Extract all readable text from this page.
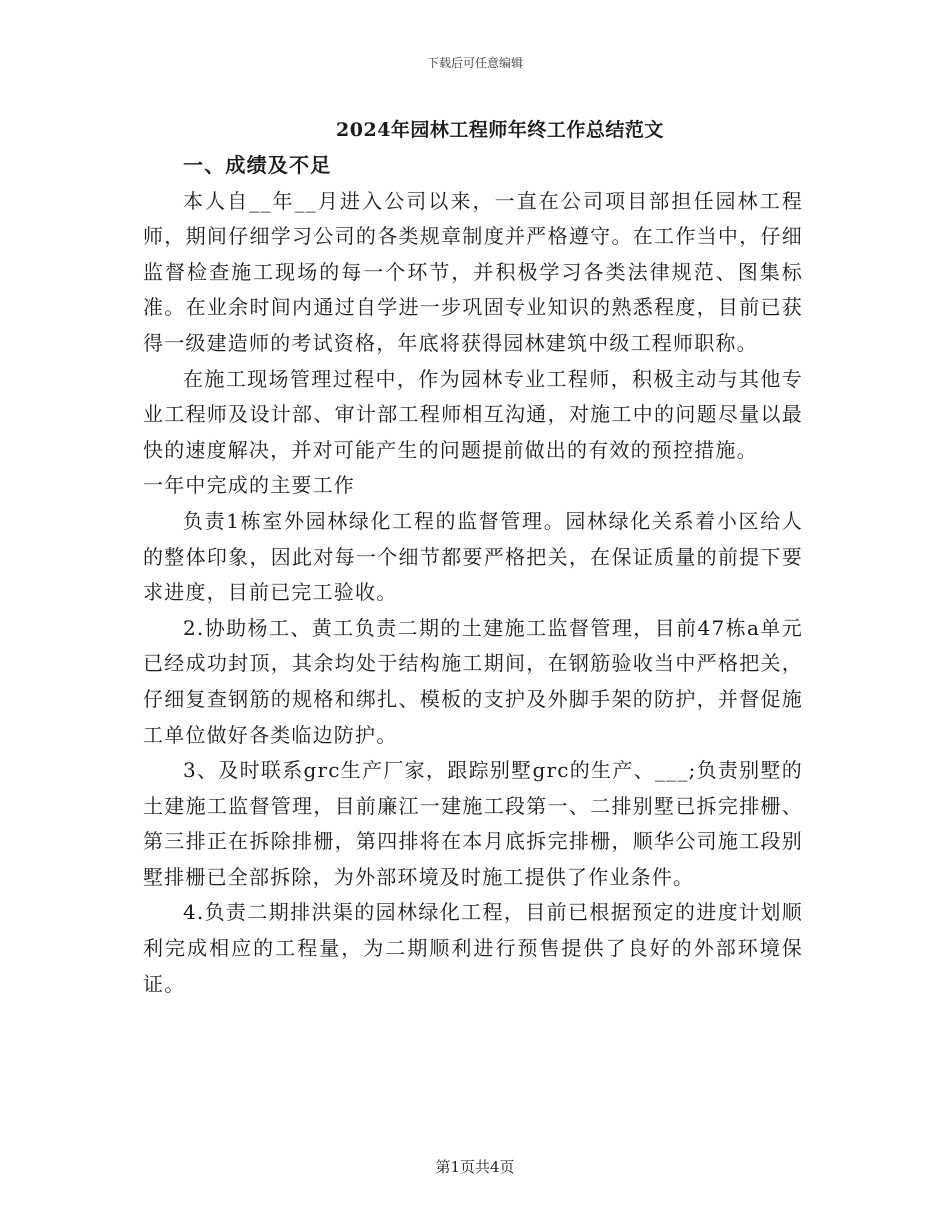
下载后可任意编辑
2024年园林工程师年终工作总结范文

一、成绩及不足

本人自__年__月进入公司以来，一直在公司项目部担任园林工程师，期间仔细学习公司的各类规章制度并严格遵守。在工作当中，仔细监督检查施工现场的每一个环节，并积极学习各类法律规范、图集标准。在业余时间内通过自学进一步巩固专业知识的熟悉程度，目前已获得一级建造师的考试资格，年底将获得园林建筑中级工程师职称。

在施工现场管理过程中，作为园林专业工程师，积极主动与其他专业工程师及设计部、审计部工程师相互沟通，对施工中的问题尽量以最快的速度解决，并对可能产生的问题提前做出的有效的预控措施。

一年中完成的主要工作

负责1栋室外园林绿化工程的监督管理。园林绿化关系着小区给人的整体印象，因此对每一个细节都要严格把关，在保证质量的前提下要求进度，目前已完工验收。

2.协助杨工、黄工负责二期的土建施工监督管理，目前47栋a单元已经成功封顶，其余均处于结构施工期间，在钢筋验收当中严格把关，仔细复查钢筋的规格和绑扎、模板的支护及外脚手架的防护，并督促施工单位做好各类临边防护。

3、及时联系grc生产厂家，跟踪别墅grc的生产、___;负责别墅的土建施工监督管理，目前廉江一建施工段第一、二排别墅已拆完排栅、第三排正在拆除排栅，第四排将在本月底拆完排栅，顺华公司施工段别墅排栅已全部拆除，为外部环境及时施工提供了作业条件。

4.负责二期排洪渠的园林绿化工程，目前已根据预定的进度计划顺利完成相应的工程量，为二期顺利进行预售提供了良好的外部环境保证。

第1页共4页
